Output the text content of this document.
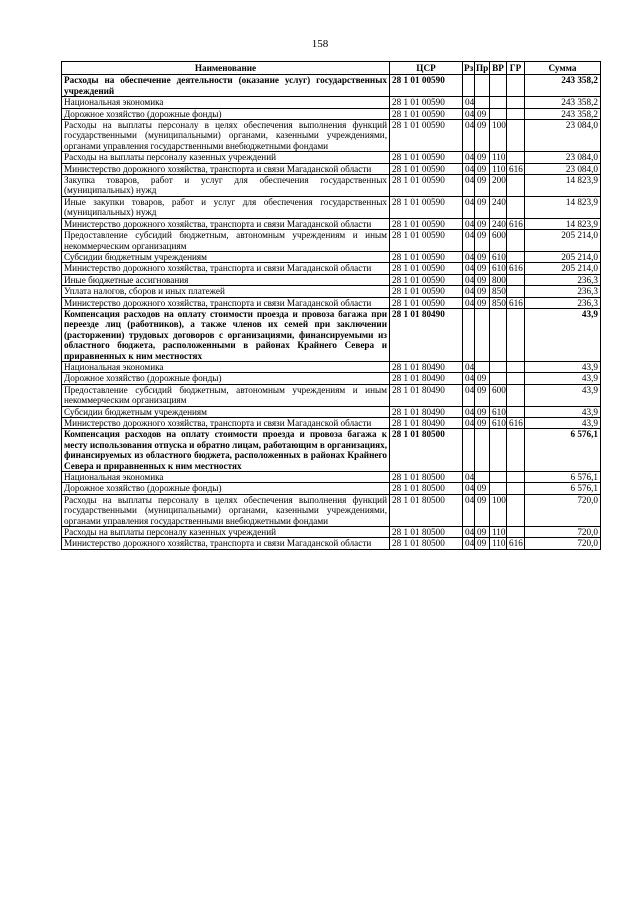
158
Наименование	ЦСР	Рз	Пр	ВР	ГР	Сумма
Расходы на обеспечение деятельности (оказание услуг) государственных учреждений	28 1 01 00590					243 358,2
Национальная экономика	28 1 01 00590	04				243 358,2
Дорожное хозяйство (дорожные фонды)	28 1 01 00590	04	09			243 358,2
Расходы на выплаты персоналу в целях обеспечения выполнения функций государственными (муниципальными) органами, казенными учреждениями, органами управления государственными внебюджетными фондами	28 1 01 00590	04	09	100		23 084,0
Расходы на выплаты персоналу казенных учреждений	28 1 01 00590	04	09	110		23 084,0
Министерство дорожного хозяйства, транспорта и связи Магаданской области	28 1 01 00590	04	09	110	616	23 084,0
Закупка товаров, работ и услуг для обеспечения государственных (муниципальных) нужд	28 1 01 00590	04	09	200		14 823,9
Иные закупки товаров, работ и услуг для обеспечения государственных (муниципальных) нужд	28 1 01 00590	04	09	240		14 823,9
Министерство дорожного хозяйства, транспорта и связи Магаданской области	28 1 01 00590	04	09	240	616	14 823,9
Предоставление субсидий бюджетным, автономным учреждениям и иным некоммерческим организациям	28 1 01 00590	04	09	600		205 214,0
Субсидии бюджетным учреждениям	28 1 01 00590	04	09	610		205 214,0
Министерство дорожного хозяйства, транспорта и связи Магаданской области	28 1 01 00590	04	09	610	616	205 214,0
Иные бюджетные ассигнования	28 1 01 00590	04	09	800		236,3
Уплата налогов, сборов и иных платежей	28 1 01 00590	04	09	850		236,3
Министерство дорожного хозяйства, транспорта и связи Магаданской области	28 1 01 00590	04	09	850	616	236,3
Компенсация расходов на оплату стоимости проезда и провоза багажа при переезде лиц (работников), а также членов их семей при заключении (расторжении) трудовых договоров с организациями, финансируемыми из областного бюджета, расположенными в районах Крайнего Севера и приравненных к ним местностях	28 1 01 80490					43,9
Национальная экономика	28 1 01 80490	04				43,9
Дорожное хозяйство (дорожные фонды)	28 1 01 80490	04	09			43,9
Предоставление субсидий бюджетным, автономным учреждениям и иным некоммерческим организациям	28 1 01 80490	04	09	600		43,9
Субсидии бюджетным учреждениям	28 1 01 80490	04	09	610		43,9
Министерство дорожного хозяйства, транспорта и связи Магаданской области	28 1 01 80490	04	09	610	616	43,9
Компенсация расходов на оплату стоимости проезда и провоза багажа к месту использования отпуска и обратно лицам, работающим в организациях, финансируемых из областного бюджета, расположенных в районах Крайнего Севера и приравненных к ним местностях	28 1 01 80500					6 576,1
Национальная экономика	28 1 01 80500	04				6 576,1
Дорожное хозяйство (дорожные фонды)	28 1 01 80500	04	09			6 576,1
Расходы на выплаты персоналу в целях обеспечения выполнения функций государственными (муниципальными) органами, казенными учреждениями, органами управления государственными внебюджетными фондами	28 1 01 80500	04	09	100		720,0
Расходы на выплаты персоналу казенных учреждений	28 1 01 80500	04	09	110		720,0
Министерство дорожного хозяйства, транспорта и связи Магаданской области	28 1 01 80500	04	09	110	616	720,0
